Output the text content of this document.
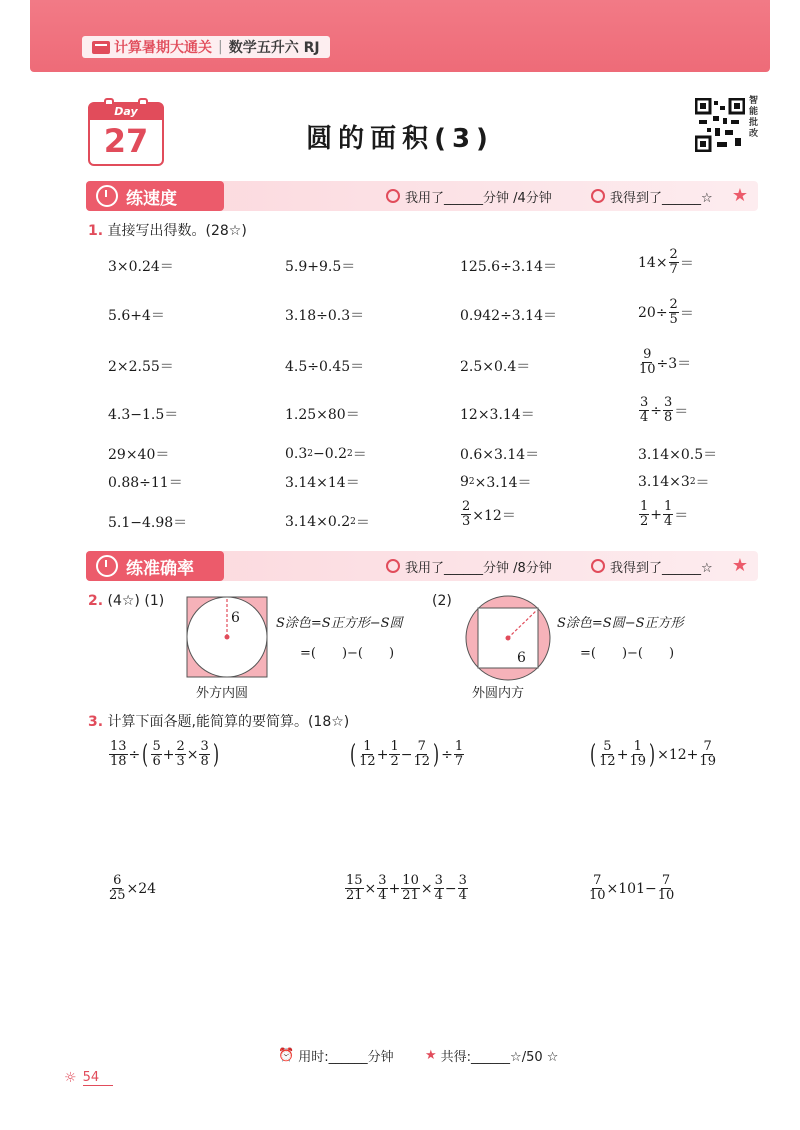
计算暑期大通关 | 数学五升六 RJ
Day
27	圆的面积(3)
智能批改
练速度	我用了______分钟 /4分钟	我得到了______☆ ★
1. 直接写出得数。(28☆)
3×0.24＝	5.9+9.5＝	125.6÷3.14＝	$14\times \frac{2}{7}$ ＝
5.6+4＝	3.18÷0.3＝	0.942÷3.14＝	$20\div \frac{2}{5}$ ＝
2×2.55＝	4.5÷0.45＝	2.5×0.4＝	$\frac{9}{10} \div 3=$
4.3−1.5＝	1.25×80＝	12×3.14＝	$\frac{3}{4} \div \frac{3}{8}$ ＝
29×40＝	0.3 2 −0.2 2 ＝	0.6×3.14＝	3.14×0.5＝
0.88÷11＝	3.14×14＝	9 2 ×3.14＝	3.14×3 2 ＝
5.1−4.98＝	3.14×0.2 2 ＝	$\frac{2}{3} \times 12=$	$\frac{1}{2} + \frac{1}{4}$ ＝
练准确率	我用了______分钟 /8分钟	我得到了______☆ ★
2. (4☆) (1)
6	S涂色=S正方形−S圆
=(　　)−(　　)
外方内圆
(2)
6
S涂色=S圆−S正方形
=(　　)−(　　)
外圆内方
3. 计算下面各题,能简算的要简算。(18☆)
$\frac{13}{18}$ ÷ ( $\frac{5}{6} + \frac{2}{3} \times \frac{3}{8}$ )	( $\frac{1}{12} + \frac{1}{2} - \frac{7}{12}$ ) ÷ $\frac{1}{7}$	( $\frac{5}{12} + \frac{1}{19}$ ) $\times 12+ \frac{7}{19}$
$\frac{6}{25} \times 24$	$\frac{15}{21} \times \frac{3}{4} + \frac{10}{21} \times \frac{3}{4} - \frac{3}{4}$	$\frac{7}{10} \times 101- \frac{7}{10}$
⏰ 用时:______分钟 ★ 共得:______☆/50 ☆
☼ 54
